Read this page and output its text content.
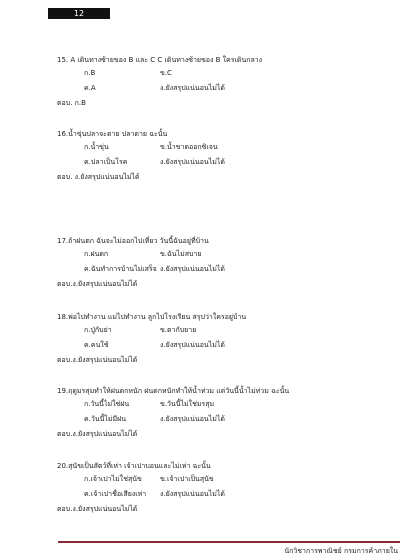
12
15. A เดินทางซ้ายของ B และ C C เดินทางซ้ายของ B ใครเดินกลาง
ก.B	ข.C
ค.A	ง.ยังสรุปแน่นอนไม่ได้
ตอบ. ก.B
16.น้ำขุ่นปลาจะตาย ปลาตาย ฉะนั้น
ก.น้ำขุ่น	ข.น้ำขาดออกซิเจน
ค.ปลาเป็นโรค	ง.ยังสรุปแน่นอนไม่ได้
ตอบ. ง.ยังสรุปแน่นอนไม่ได้
17.ถ้าฝนตก ฉันจะไม่ออกไปเที่ยว วันนี้ฉันอยู่ที่บ้าน
ก.ฝนตก	ข.ฉันไม่สบาย
ค.ฉันทำการบ้านไม่เสร็จ ง.ยังสรุปแน่นอนไม่ได้
ตอบ.ง.ยังสรุปแน่นอนไม่ได้
18.พ่อไปทำงาน แม่ไปทำงาน ลูกไปโรงเรียน สรุปว่าใครอยู่บ้าน
ก.ปู่กับย่า	ข.ตากับยาย
ค.คนใช้	ง.ยังสรุปแน่นอนไม่ได้
ตอบ.ง.ยังสรุปแน่นอนไม่ได้
19.ฤดูมรสุมทำให้ฝนตกหนัก ฝนตกหนักทำให้น้ำท่วม แต่วันนี้น้ำไม่ท่วม ฉะนั้น
ก.วันนี้ไม่ใช่ฝน	ข.วันนี้ไม่ใช่มรสุม
ค.วันนี้ไม่มีฝน	ง.ยังสรุปแน่นอนไม่ได้
ตอบ.ง.ยังสรุปแน่นอนไม่ได้
20.สุนัขเป็นสัตว์ที่เห่า เจ้าเปาบอนและไม่เห่า ฉะนั้น
ก.เจ้าเปาไม่ใช่สุนัข	ข.เจ้าเปาเป็นสุนัข
ค.เจ้าเปาชื่อเสียงเห่า ง.ยังสรุปแน่นอนไม่ได้
ตอบ.ง.ยังสรุปแน่นอนไม่ได้
นักวิชาการพาณิชย์ กรมการค้าภายใน
